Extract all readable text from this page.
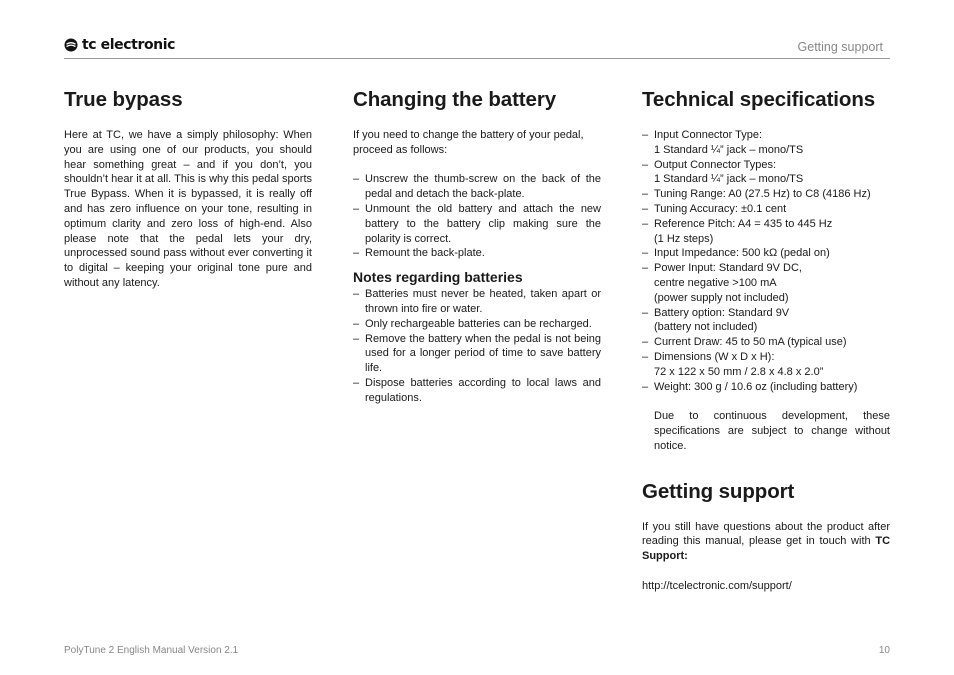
tc electronic	Getting support
True bypass

Here at TC, we have a simply philosophy: When you are using one of our products, you should hear something great – and if you don’t, you shouldn’t hear it at all. This is why this pedal sports True Bypass. When it is bypassed, it is really off and has zero influence on your tone, resulting in optimum clarity and zero loss of high-end. Also please note that the pedal lets your dry, unprocessed sound pass without ever converting it to digital – keeping your original tone pure and without any latency.

Changing the battery

If you need to change the battery of your pedal, proceed as follows:

– Unscrew the thumb-screw on the back of the pedal and detach the back-plate.
– Unmount the old battery and attach the new battery to the battery clip making sure the polarity is correct.
– Remount the back-plate.
Notes regarding batteries
– Batteries must never be heated, taken apart or thrown into fire or water.
– Only rechargeable batteries can be recharged.
– Remove the battery when the pedal is not being used for a longer period of time to save battery life.
– Dispose batteries according to local laws and regulations.
Technical specifications
– Input Connector Type:
1 Standard ¼” jack – mono/TS
– Output Connector Types:
1 Standard ¼” jack – mono/TS
– Tuning Range: A0 (27.5 Hz) to C8 (4186 Hz)
– Tuning Accuracy: ±0.1 cent
– Reference Pitch: A4 = 435 to 445 Hz
(1 Hz steps)
– Input Impedance: 500 kΩ (pedal on)
– Power Input: Standard 9V DC,
centre negative >100 mA
(power supply not included)
– Battery option: Standard 9V
(battery not included)
– Current Draw: 45 to 50 mA (typical use)
– Dimensions (W x D x H):
72 x 122 x 50 mm / 2.8 x 4.8 x 2.0”
– Weight: 300 g / 10.6 oz (including battery)

Due to continuous development, these specifications are subject to change without notice.

Getting support

If you still have questions about the product after reading this manual, please get in touch with TC Support:

http://tcelectronic.com/support/

PolyTune 2 English Manual Version 2.1	10
